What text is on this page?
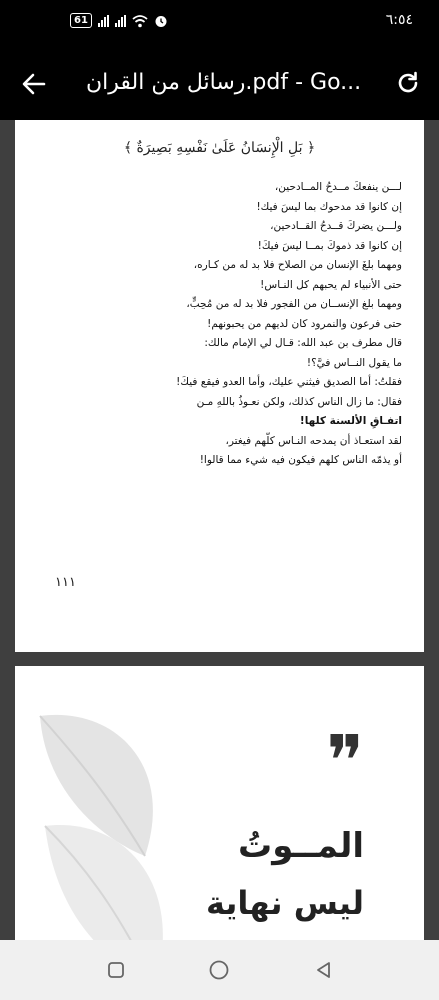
61	٦:٥٤
رسائل من القران.pdf - Go...
﴿ بَلِ الْإِنسَانُ عَلَىٰ نَفْسِهِ بَصِيرَةٌ ﴾
لـــن ينفعكَ مــدحُ المــادحين،
إن كانوا قد مدحوك بما ليسَ فيك!
ولـــن يضركَ قــدحُ القــادحين،
إن كانوا قد ذموكَ بمــا ليسَ فيكَ!
ومهما بلغَ الإنسان من الصلاح فلا بد له من كـاره،
حتى الأنبياء لم يحبهم كل النـاس!
ومهما بلغ الإنســان من الفجور فلا بد له من مُحِبٍّ،
حتى فرعون والنمرود كان لديهم من يحبونهم!
قال مطرف بن عبد الله: قـال لي الإمام مالك:
ما يقول النــاس فيَّ؟!
فقلتُ: أما الصديق فيثني عليك، وأما العدو فيقع فيكَ!
فقال: ما زال الناس كذلك، ولكن نعـوذُ باللهِ مـن
اتفـاقِ الألسنة كلها!
لقد استعـاذ أن يمدحه النـاس كلّهم فيغتر،
أو يذمّه الناس كلهم فيكون فيه شيء مما قالوا!
١١١
❞
المــوتُ
ليس نهاية
